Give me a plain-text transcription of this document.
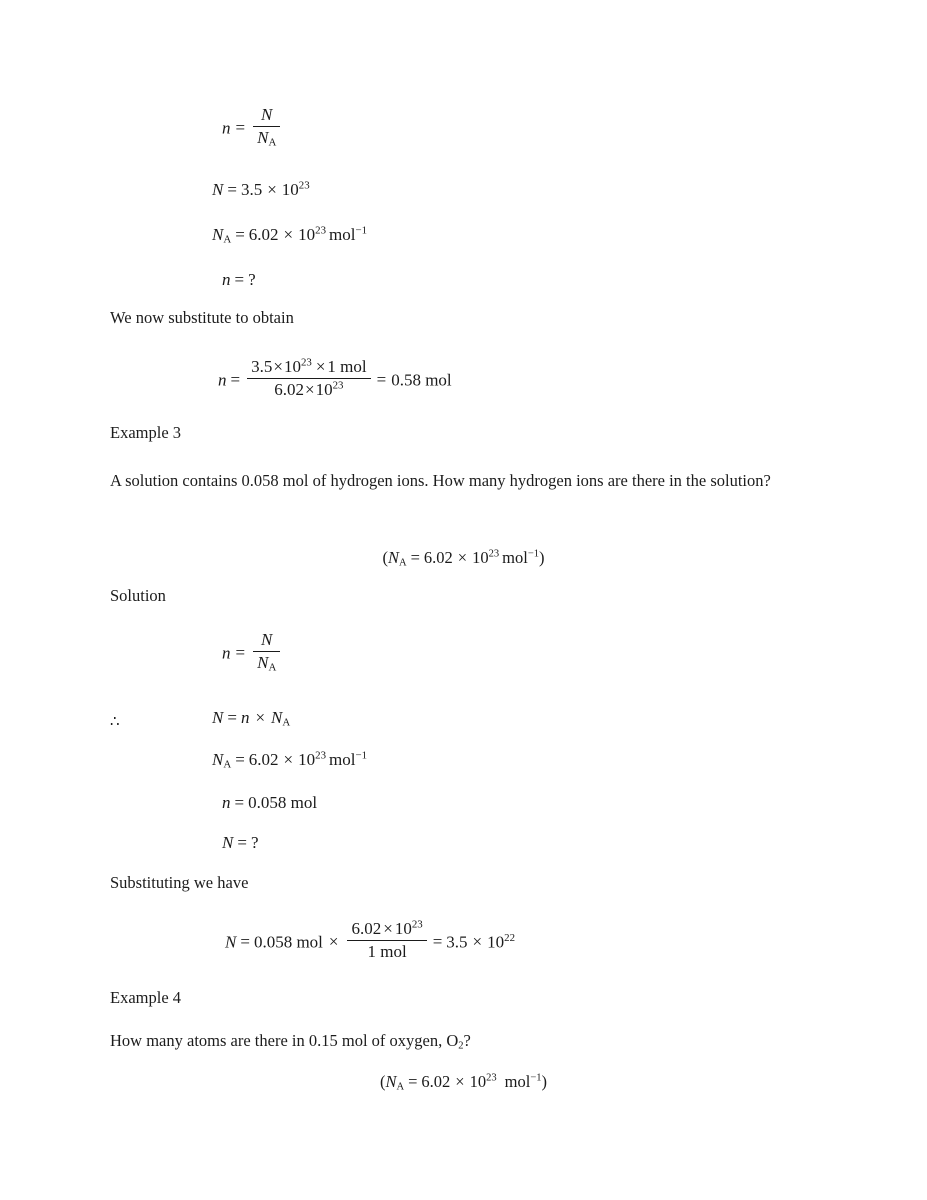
$n = \frac{N}{N_A}$
$N = 3.5 \times 10^{23}$
$N_A = 6.02 \times 10^{23}$ mol$^{-1}$
n = ?
We now substitute to obtain
$n = \frac{3.5\times 10^{23} \times 1 mol}{6.02\times 10^{23}} = 0.58$ mol
Example 3
A solution contains 0.058 mol of hydrogen ions. How many hydrogen ions are there in the solution?
($N_A = 6.02 \times 10^{23}$ mol$^{-1}$)
Solution
$n = \frac{N}{N_A}$
∴	$N = n \times N_A$
$N_A = 6.02 \times 10^{23}$ mol$^{-1}$
n = 0.058 mol
N = ?
Substituting we have
N = 0.058 mol × $\frac{6.02 \times 10^{23}}{\text{1 mol}} = 3.5 \times 10^{22}$
Example 4
How many atoms are there in 0.15 mol of oxygen, $O_2$?
($N_A = 6.02 \times 10^{23}$ mol$^{-1}$)
